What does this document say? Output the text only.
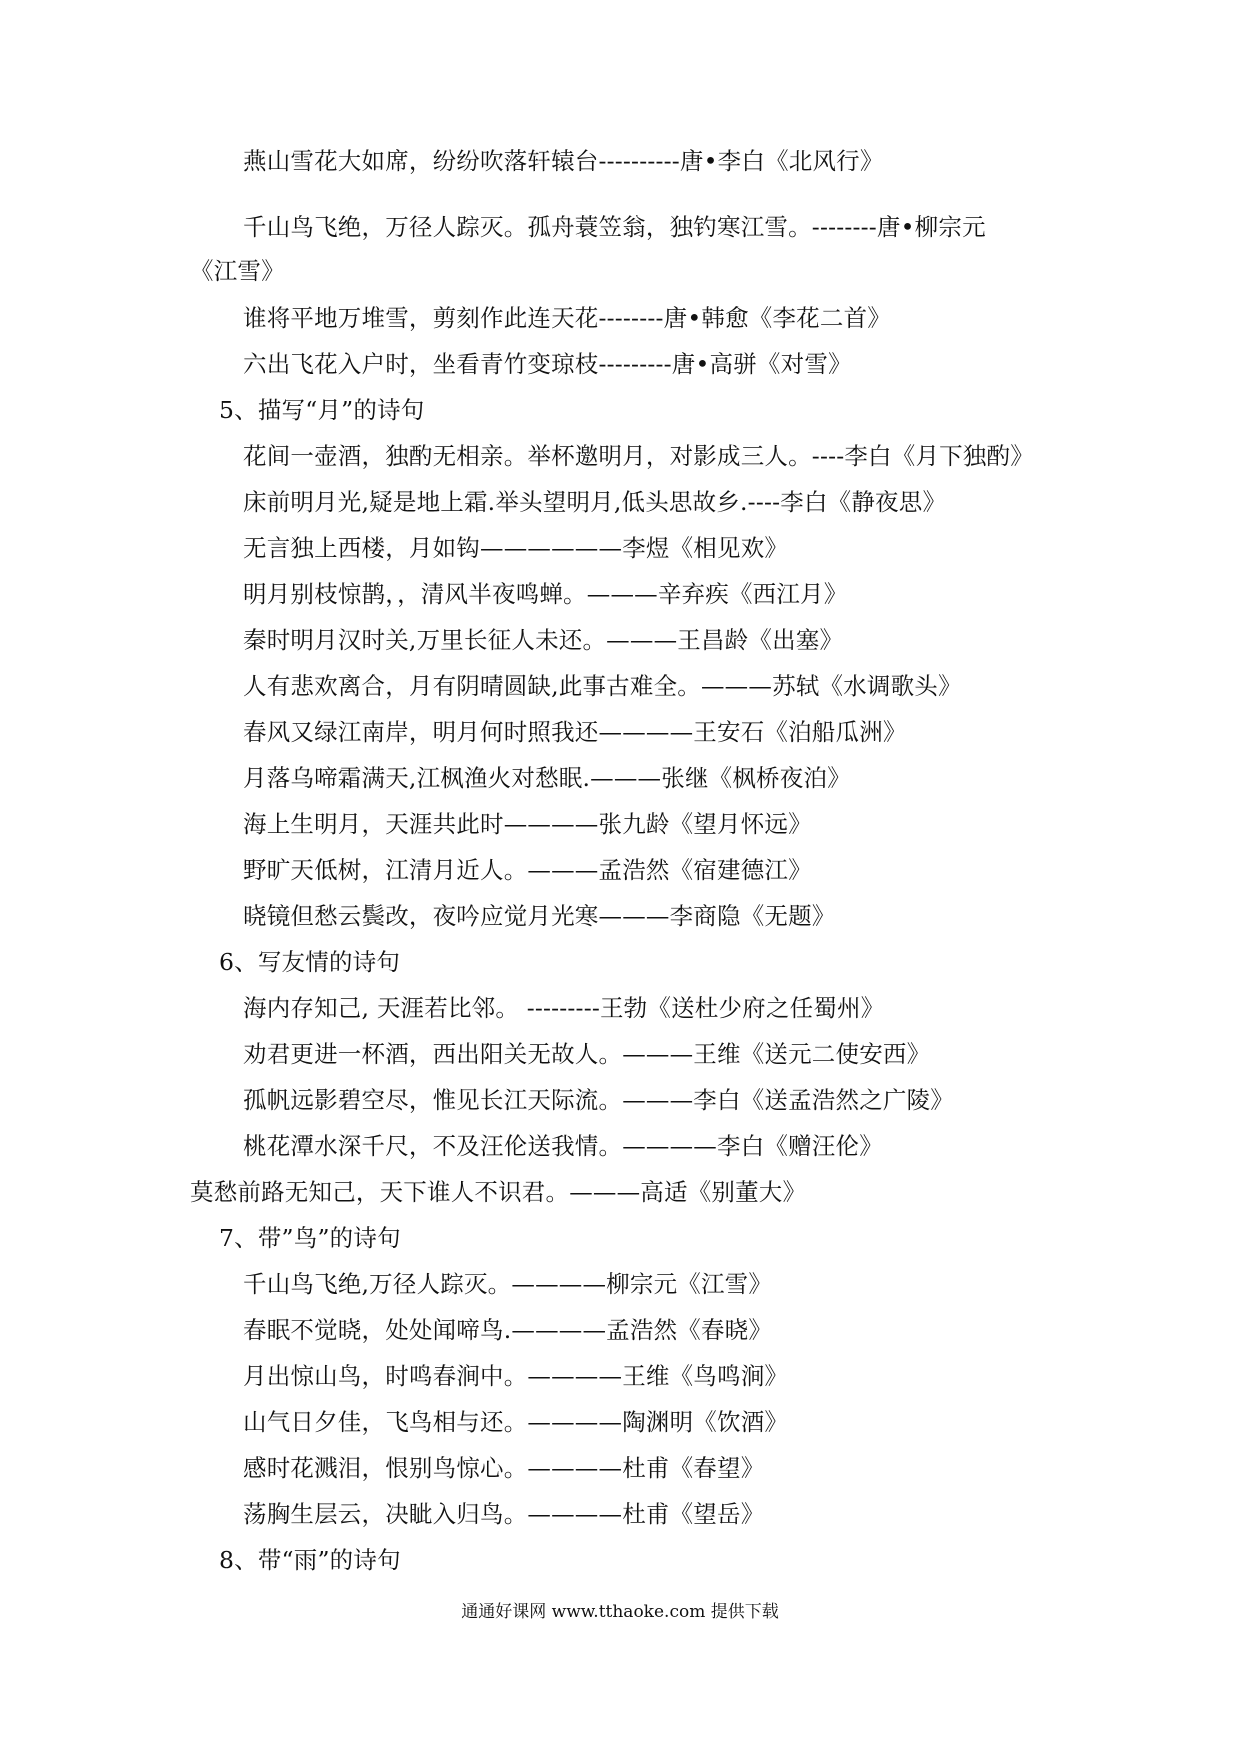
燕山雪花大如席，纷纷吹落轩辕台----------唐•李白《北风行》
千山鸟飞绝，万径人踪灭。孤舟蓑笠翁，独钓寒江雪。--------唐•柳宗元
《江雪》
谁将平地万堆雪，剪刻作此连天花--------唐•韩愈《李花二首》
六出飞花入户时，坐看青竹变琼枝---------唐•高骈《对雪》
5、描写“月”的诗句
花间一壶酒，独酌无相亲。举杯邀明月，对影成三人。----李白《月下独酌》
床前明月光,疑是地上霜.举头望明月,低头思故乡.----李白《静夜思》
无言独上西楼，月如钩——————李煜《相见欢》
明月别枝惊鹊，，清风半夜鸣蝉。———辛弃疾《西江月》
秦时明月汉时关,万里长征人未还。———王昌龄《出塞》
人有悲欢离合，月有阴晴圆缺,此事古难全。———苏轼《水调歌头》
春风又绿江南岸，明月何时照我还————王安石《泊船瓜洲》
月落乌啼霜满天,江枫渔火对愁眠.———张继《枫桥夜泊》
海上生明月，天涯共此时————张九龄《望月怀远》
野旷天低树，江清月近人。———孟浩然《宿建德江》
晓镜但愁云鬓改，夜吟应觉月光寒———李商隐《无题》
6、写友情的诗句
海内存知己, 天涯若比邻。 ---------王勃《送杜少府之任蜀州》
劝君更进一杯酒，西出阳关无故人。———王维《送元二使安西》
孤帆远影碧空尽，惟见长江天际流。———李白《送孟浩然之广陵》
桃花潭水深千尺，不及汪伦送我情。————李白《赠汪伦》
莫愁前路无知己，天下谁人不识君。———高适《别董大》
7、带”鸟”的诗句
千山鸟飞绝,万径人踪灭。————柳宗元《江雪》
春眠不觉晓，处处闻啼鸟.————孟浩然《春晓》
月出惊山鸟，时鸣春涧中。————王维《鸟鸣涧》
山气日夕佳，飞鸟相与还。————陶渊明《饮酒》
感时花溅泪，恨别鸟惊心。————杜甫《春望》
荡胸生层云，决眦入归鸟。————杜甫《望岳》
8、带“雨”的诗句
通通好课网 www.tthaoke.com 提供下载
